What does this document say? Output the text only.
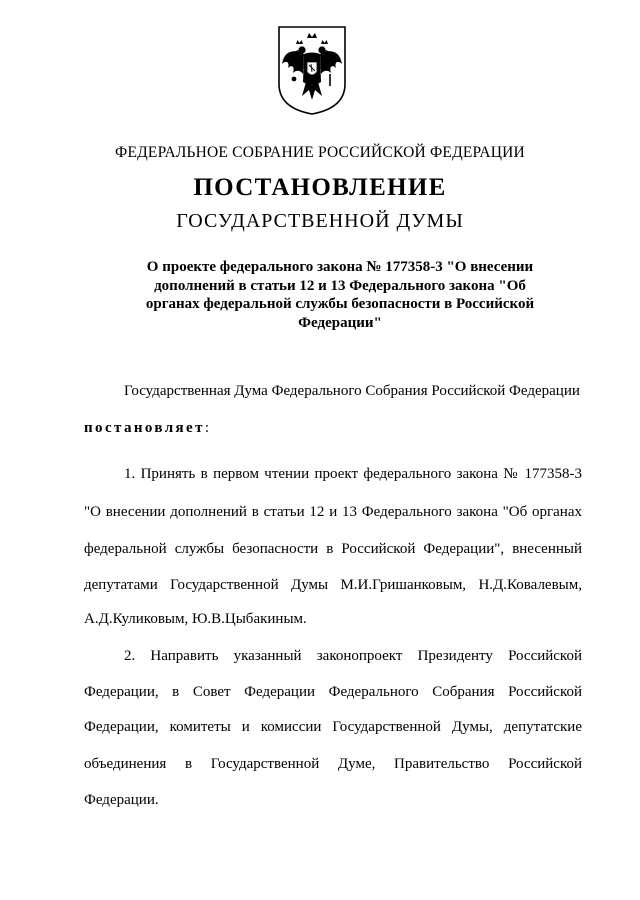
ФЕДЕРАЛЬНОЕ СОБРАНИЕ РОССИЙСКОЙ ФЕДЕРАЦИИ
ПОСТАНОВЛЕНИЕ
ГОСУДАРСТВЕННОЙ ДУМЫ
О проекте федерального закона № 177358-3 "О внесении
дополнений в статьи 12 и 13 Федерального закона "Об
органах федеральной службы безопасности в Российской
Федерации"
Государственная Дума Федерального Собрания Российской Федерации
постановляет:
1. Принять в первом чтении проект федерального закона № 177358-3
"О внесении дополнений в статьи 12 и 13 Федерального закона "Об органах
федеральной службы безопасности в Российской Федерации", внесенный
депутатами Государственной Думы М.И.Гришанковым, Н.Д.Ковалевым,
А.Д.Куликовым, Ю.В.Цыбакиным.
2. Направить указанный законопроект Президенту Российской
Федерации, в Совет Федерации Федерального Собрания Российской
Федерации, комитеты и комиссии Государственной Думы, депутатские
объединения в Государственной Думе, Правительство Российской
Федерации.
